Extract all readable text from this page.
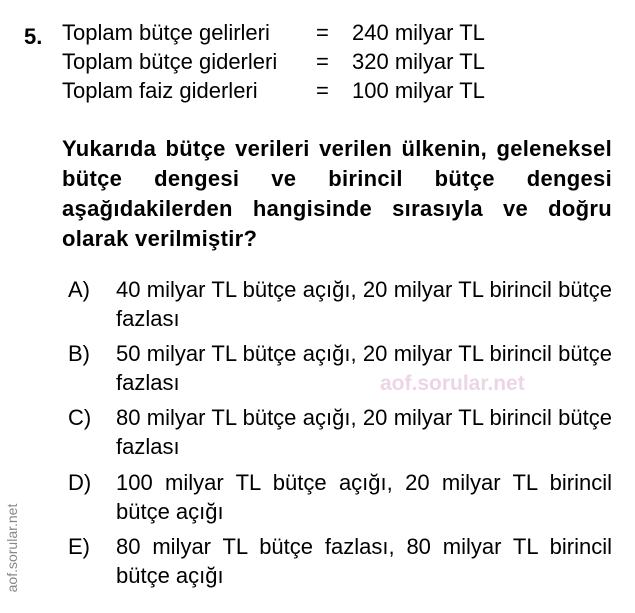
5. Toplam bütçe gelirleri	=	240 milyar TL
Toplam bütçe giderleri	=	320 milyar TL
Toplam faiz giderleri	=	100 milyar TL
Yukarıda bütçe verileri verilen ülkenin, geleneksel bütçe dengesi ve birincil bütçe dengesi aşağıdakilerden hangisinde sırasıyla ve doğru olarak verilmiştir?
A)	40 milyar TL bütçe açığı, 20 milyar TL birincil bütçe fazlası
B)	50 milyar TL bütçe açığı, 20 milyar TL birincil bütçe fazlası
C)	80 milyar TL bütçe açığı, 20 milyar TL birincil bütçe fazlası
D)	100 milyar TL bütçe açığı, 20 milyar TL birincil bütçe açığı
E)	80 milyar TL bütçe fazlası, 80 milyar TL birincil bütçe açığı
aof.sorular.net
aof.sorular.net
